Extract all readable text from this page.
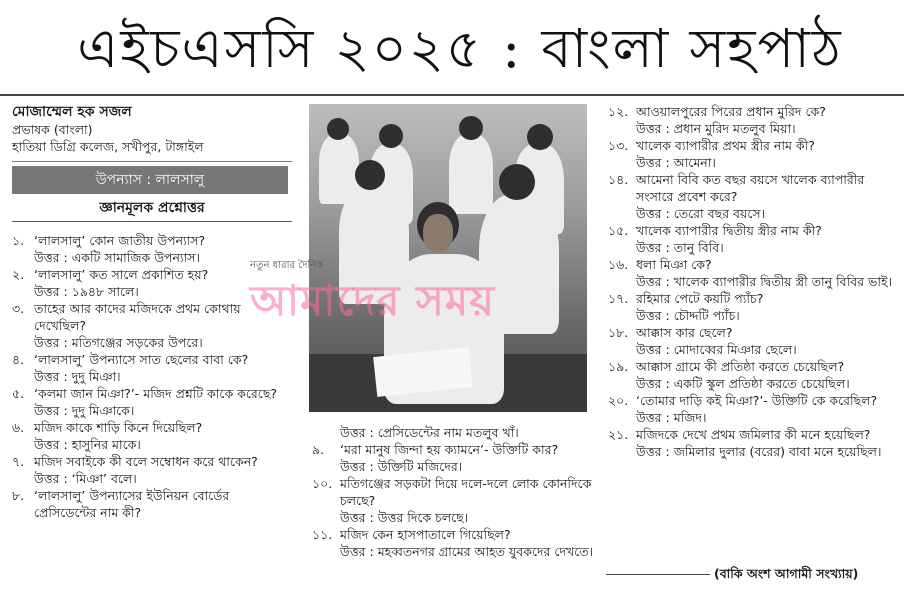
এইচএসসি ২০২৫ : বাংলা সহপাঠ
মোজাম্মেল হক সজল
প্রভাষক (বাংলা)
হাতিয়া ডিগ্রি কলেজ, সখীপুর, টাঙ্গাইল
উপন্যাস : লালসালু
জ্ঞানমূলক প্রশ্নোত্তর
১. ‘লালসালু’ কোন জাতীয় উপন্যাস?
উত্তর : একটি সামাজিক উপন্যাস।
২. ‘লালসালু’ কত সালে প্রকাশিত হয়?
উত্তর : ১৯৪৮ সালে।
৩. তাহের আর কাদের মজিদকে প্রথম কোথায় দেখেছিল?
উত্তর : মতিগঞ্জের সড়কের উপরে।
৪. ‘লালসালু’ উপন্যাসে সাত ছেলের বাবা কে?
উত্তর : দুদু মিঞা।
৫. ‘কলমা জান মিঞা?’- মজিদ প্রশ্নটি কাকে করেছে?
উত্তর : দুদু মিঞাকে।
৬. মজিদ কাকে শাড়ি কিনে দিয়েছিল?
উত্তর : হাসুনির মাকে।
৭. মজিদ সবাইকে কী বলে সম্বোধন করে থাকেন?
উত্তর : ‘মিঞা’ বলে।
৮. ‘লালসালু’ উপন্যাসের ইউনিয়ন বোর্ডের প্রেসিডেন্টের নাম কী?
নতুন ধারার দৈনিক
আমাদের সময়
উত্তর : প্রেসিডেন্টের নাম মতলুব খাঁ।
৯. ‘মরা মানুষ জিন্দা হয় ক্যামনে’- উক্তিটি কার?
উত্তর : উক্তিটি মজিদের।
১০. মতিগঞ্জের সড়কটা দিয়ে দলে-দলে লোক কোনদিকে চলছে?
উত্তর : উত্তর দিকে চলছে।
১১. মজিদ কেন হাসপাতালে গিয়েছিল?
উত্তর : মহব্বতনগর গ্রামের আহত যুবকদের দেখতে।
১২. আওয়ালপুরের পিরের প্রধান মুরিদ কে?
উত্তর : প্রধান মুরিদ মতলুব মিয়া।
১৩. খালেক ব্যাপারীর প্রথম স্ত্রীর নাম কী?
উত্তর : আমেনা।
১৪. আমেনা বিবি কত বছর বয়সে খালেক ব্যাপারীর সংসারে প্রবেশ করে?
উত্তর : তেরো বছর বয়সে।
১৫. খালেক ব্যাপারীর দ্বিতীয় স্ত্রীর নাম কী?
উত্তর : তানু বিবি।
১৬. ধলা মিঞা কে?
উত্তর : খালেক ব্যাপারীর দ্বিতীয় স্ত্রী তানু বিবির ভাই।
১৭. রহিমার পেটে কয়টি প্যাঁচ?
উত্তর : চৌদ্দটি প্যাঁচ।
১৮. আক্কাস কার ছেলে?
উত্তর : মোদাব্বের মিঞার ছেলে।
১৯. আক্কাস গ্রামে কী প্রতিষ্ঠা করতে চেয়েছিল?
উত্তর : একটি স্কুল প্রতিষ্ঠা করতে চেয়েছিল।
২০. ‘তোমার দাড়ি কই মিঞা?’- উক্তিটি কে করেছিল?
উত্তর : মজিদ।
২১. মজিদকে দেখে প্রথম জমিলার কী মনে হয়েছিল?
উত্তর : জমিলার দুলার (বরের) বাবা মনে হয়েছিল।
(বাকি অংশ আগামী সংখ্যায়)
